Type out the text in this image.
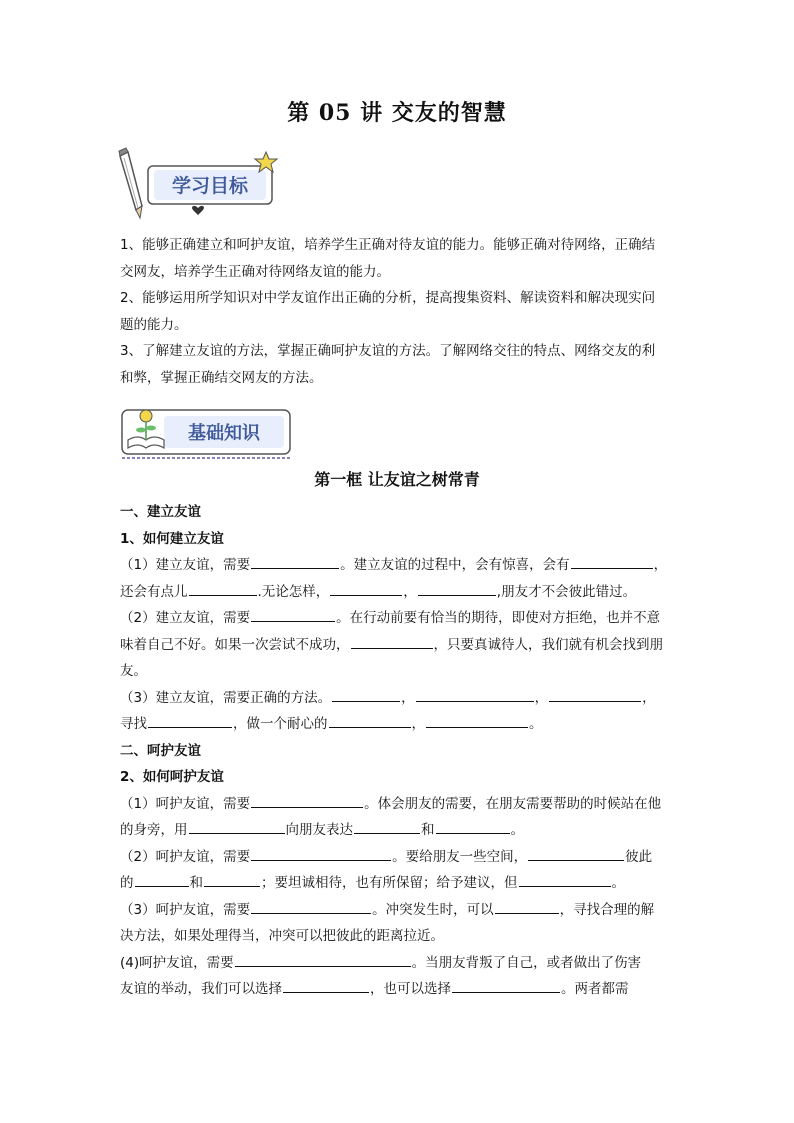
第 05 讲 交友的智慧
学习目标
1、能够正确建立和呵护友谊，培养学生正确对待友谊的能力。能够正确对待网络，正确结
交网友，培养学生正确对待网络友谊的能力。
2、能够运用所学知识对中学友谊作出正确的分析，提高搜集资料、解读资料和解决现实问
题的能力。
3、了解建立友谊的方法，掌握正确呵护友谊的方法。了解网络交往的特点、网络交友的利
和弊，掌握正确结交网友的方法。
基础知识
第一框 让友谊之树常青
一、建立友谊
1、如何建立友谊
（1）建立友谊，需要	。建立友谊的过程中，会有惊喜，会有	，
还会有点儿	.无论怎样，	，	,朋友才不会彼此错过。
（2）建立友谊，需要	。在行动前要有恰当的期待，即使对方拒绝，也并不意
味着自己不好。如果一次尝试不成功，	，只要真诚待人，我们就有机会找到朋
友。
（3）建立友谊，需要正确的方法。	，	，	，
寻找	，做一个耐心的	，	。
二、呵护友谊
2、如何呵护友谊
（1）呵护友谊，需要	。体会朋友的需要，在朋友需要帮助的时候站在他
的身旁，用	向朋友表达	和	。
（2）呵护友谊，需要	。要给朋友一些空间，	彼此
的	和	；要坦诚相待，也有所保留；给予建议，但	。
（3）呵护友谊，需要	。冲突发生时，可以	，寻找合理的解
决方法，如果处理得当，冲突可以把彼此的距离拉近。
(4)呵护友谊，需要	。当朋友背叛了自己，或者做出了伤害
友谊的举动，我们可以选择	，也可以选择	。两者都需
